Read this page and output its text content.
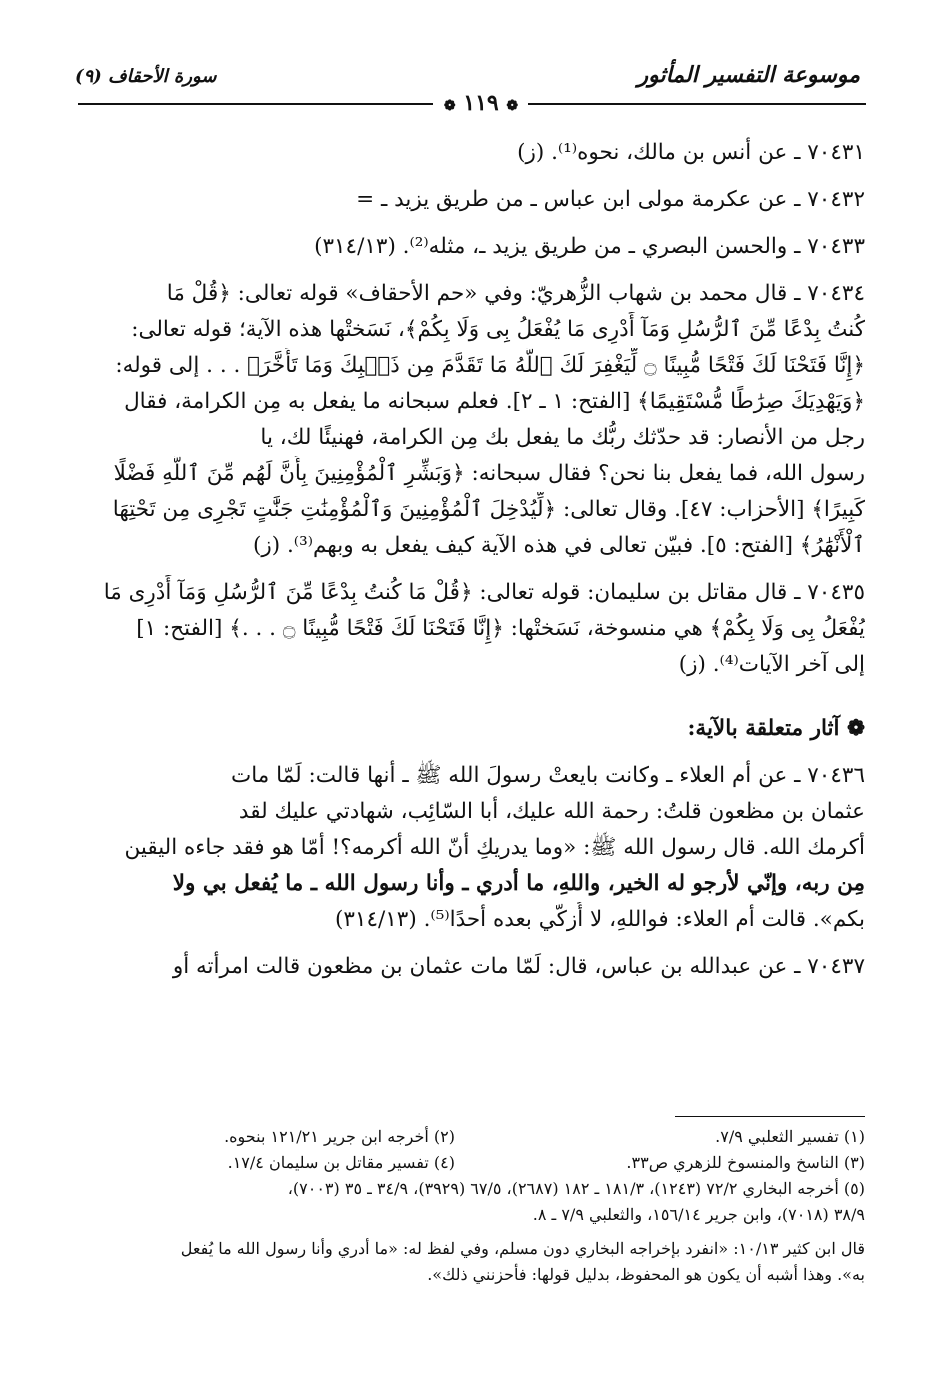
موسوعة التفسير المأثور
سورة الأحقاف (٩)
❁ ١١٩ ❁
٧٠٤٣١ ـ عن أنس بن مالك، نحوه⁽¹⁾. (ز)
٧٠٤٣٢ ـ عن عكرمة مولى ابن عباس ـ من طريق يزيد ـ =
٧٠٤٣٣ ـ والحسن البصري ـ من طريق يزيد ـ، مثله⁽²⁾. (٣١٤/١٣)
٧٠٤٣٤ ـ قال محمد بن شهاب الزُّهريّ: وفي «حم الأحقاف» قوله تعالى: ﴿قُلْ مَا
كُنتُ بِدْعًا مِّنَ ٱلرُّسُلِ وَمَآ أَدْرِى مَا يُفْعَلُ بِى وَلَا بِكُمْ﴾، نَسَختْها هذه الآية؛ قوله تعالى:
﴿إِنَّا فَتَحْنَا لَكَ فَتْحًا مُّبِينًا ۝ لِّيَغْفِرَ لَكَ ٱللَّهُ مَا تَقَدَّمَ مِن ذَنۢبِكَ وَمَا تَأَخَّرَ﴾ . . . إلى قوله:
﴿وَيَهْدِيَكَ صِرَٰطًا مُّسْتَقِيمًا﴾ [الفتح: ١ ـ ٢]. فعلم سبحانه ما يفعل به مِن الكرامة، فقال
رجل من الأنصار: قد حدّثك ربُّك ما يفعل بك مِن الكرامة، فهنيئًا لك، يا
رسول الله، فما يفعل بنا نحن؟ فقال سبحانه: ﴿وَبَشِّرِ ٱلْمُؤْمِنِينَ بِأَنَّ لَهُم مِّنَ ٱللَّهِ فَضْلًا
كَبِيرًا﴾ [الأحزاب: ٤٧]. وقال تعالى: ﴿لِّيُدْخِلَ ٱلْمُؤْمِنِينَ وَٱلْمُؤْمِنَٰتِ جَنَّٰتٍ تَجْرِى مِن تَحْتِهَا
ٱلْأَنْهَٰرُ﴾ [الفتح: ٥]. فبيّن تعالى في هذه الآية كيف يفعل به وبهم⁽³⁾. (ز)
٧٠٤٣٥ ـ قال مقاتل بن سليمان: قوله تعالى: ﴿قُلْ مَا كُنتُ بِدْعًا مِّنَ ٱلرُّسُلِ وَمَآ أَدْرِى مَا
يُفْعَلُ بِى وَلَا بِكُمْ﴾ هي منسوخة، نَسَختْها: ﴿إِنَّا فَتَحْنَا لَكَ فَتْحًا مُّبِينًا ۝ . . .﴾ [الفتح: ١]
إلى آخر الآيات⁽⁴⁾. (ز)
❁ آثار متعلقة بالآية:
٧٠٤٣٦ ـ عن أم العلاء ـ وكانت بايعتْ رسولَ الله ﷺ ـ أنها قالت: لَمّا مات
عثمان بن مظعون قلتُ: رحمة الله عليك، أبا السّائِب، شهادتي عليك لقد
أكرمك الله. قال رسول الله ﷺ: «وما يدريكِ أنّ الله أكرمه؟! أمّا هو فقد جاءه اليقين
مِن ربه، وإنّي لأرجو له الخير، واللهِ، ما أدري ـ وأنا رسول الله ـ ما يُفعل بي ولا
بكم». قالت أم العلاء: فواللهِ، لا أُزكّي بعده أحدًا⁽⁵⁾. (٣١٤/١٣)
٧٠٤٣٧ ـ عن عبدالله بن عباس، قال: لَمّا مات عثمان بن مظعون قالت امرأته أو
(١) تفسير الثعلبي ٧/٩.
(٢) أخرجه ابن جرير ١٢١/٢١ بنحوه.
(٣) الناسخ والمنسوخ للزهري ص٣٣.
(٤) تفسير مقاتل بن سليمان ١٧/٤.
(٥) أخرجه البخاري ٧٢/٢ (١٢٤٣)، ١٨١/٣ ـ ١٨٢ (٢٦٨٧)، ٦٧/٥ (٣٩٢٩)، ٣٤/٩ ـ ٣٥ (٧٠٠٣)،
٣٨/٩ (٧٠١٨)، وابن جرير ١٥٦/١٤، والثعلبي ٧/٩ ـ ٨.
قال ابن كثير ١٠/١٣: «انفرد بإخراجه البخاري دون مسلم، وفي لفظ له: «ما أدري وأنا رسول الله ما يُفعل
به». وهذا أشبه أن يكون هو المحفوظ، بدليل قولها: فأحزنني ذلك».
